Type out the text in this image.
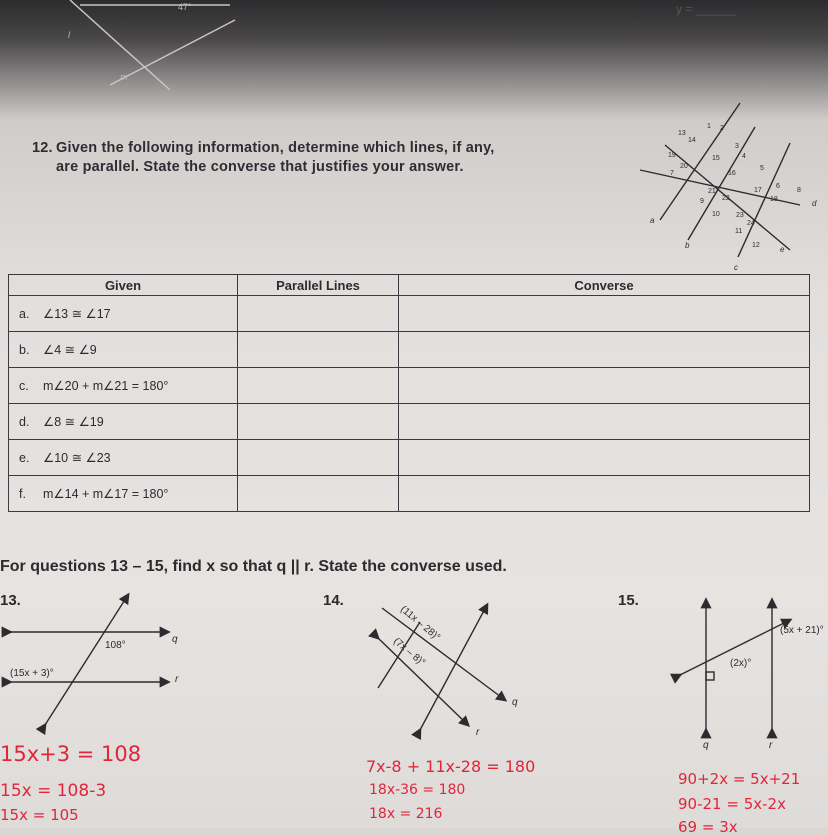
47°
l
m
y = ______
12. Given the following information, determine which lines, if any,
are parallel. State the converse that justifies your answer.
13
1
14
2
3
19	15	4
20
7	16
5
21	17
6
22
9	18
10 23
24
11
12
8
a
b
c
d
e
Given	Parallel Lines	Converse
a. ∠13 ≅ ∠17		
b. ∠4 ≅ ∠9		
c. m∠20 + m∠21 = 180°		
d. ∠8 ≅ ∠19		
e. ∠10 ≅ ∠23		
f. m∠14 + m∠17 = 180°		
For questions 13 – 15, find x so that q || r. State the converse used.
13.	14.	15.
108°
(15x + 3)°
q
r
(11x – 28)°
(7x – 8)°
q
r
(5x + 21)°
(2x)°
q	r
15x+3 = 108
15x = 108-3
15x = 105
7x-8 + 11x-28 = 180
18x-36 = 180
18x = 216
90+2x = 5x+21
90-21 = 5x-2x
69 = 3x
